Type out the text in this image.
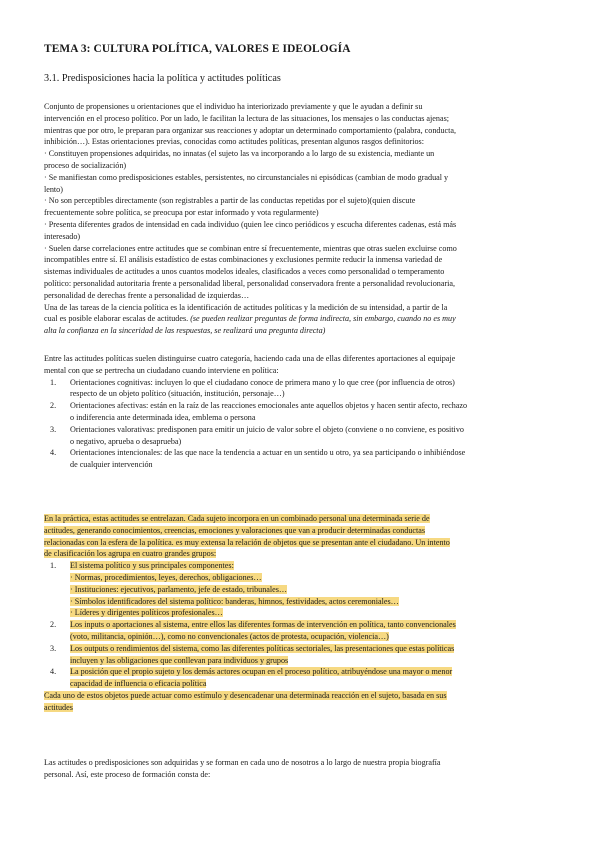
TEMA 3: CULTURA POLÍTICA, VALORES E IDEOLOGÍA
3.1. Predisposiciones hacia la política y actitudes políticas
Conjunto de propensiones u orientaciones que el individuo ha interiorizado previamente y que le ayudan a definir su
intervención en el proceso político. Por un lado, le facilitan la lectura de las situaciones, los mensajes o las conductas ajenas;
mientras que por otro, le preparan para organizar sus reacciones y adoptar un determinado comportamiento (palabra, conducta,
inhibición…). Estas orientaciones previas, conocidas como actitudes políticas, presentan algunos rasgos definitorios:
· Constituyen propensiones adquiridas, no innatas (el sujeto las va incorporando a lo largo de su existencia, mediante un
proceso de socialización)
· Se manifiestan como predisposiciones estables, persistentes, no circunstanciales ni episódicas (cambian de modo gradual y
lento)
· No son perceptibles directamente (son registrables a partir de las conductas repetidas por el sujeto)(quien discute
frecuentemente sobre política, se preocupa por estar informado y vota regularmente)
· Presenta diferentes grados de intensidad en cada individuo (quien lee cinco periódicos y escucha diferentes cadenas, está más
interesado)
· Suelen darse correlaciones entre actitudes que se combinan entre sí frecuentemente, mientras que otras suelen excluirse como
incompatibles entre sí. El análisis estadístico de estas combinaciones y exclusiones permite reducir la inmensa variedad de
sistemas individuales de actitudes a unos cuantos modelos ideales, clasificados a veces como personalidad o temperamento
político: personalidad autoritaria frente a personalidad liberal, personalidad conservadora frente a personalidad revolucionaria,
personalidad de derechas frente a personalidad de izquierdas…
Una de las tareas de la ciencia política es la identificación de actitudes políticas y la medición de su intensidad, a partir de la
cual es posible elaborar escalas de actitudes. (se pueden realizar preguntas de forma indirecta, sin embargo, cuando no es muy
alta la confianza en la sinceridad de las respuestas, se realizará una pregunta directa)
Entre las actitudes políticas suelen distinguirse cuatro categoría, haciendo cada una de ellas diferentes aportaciones al equipaje
mental con que se pertrecha un ciudadano cuando interviene en política:
1. Orientaciones cognitivas: incluyen lo que el ciudadano conoce de primera mano y lo que cree (por influencia de otros)
respecto de un objeto político (situación, institución, personaje…)
2. Orientaciones afectivas: están en la raíz de las reacciones emocionales ante aquellos objetos y hacen sentir afecto, rechazo
o indiferencia ante determinada idea, emblema o persona
3. Orientaciones valorativas: predisponen para emitir un juicio de valor sobre el objeto (conviene o no conviene, es positivo
o negativo, aprueba o desaprueba)
4. Orientaciones intencionales: de las que nace la tendencia a actuar en un sentido u otro, ya sea participando o inhibiéndose
de cualquier intervención
En la práctica, estas actitudes se entrelazan. Cada sujeto incorpora en un combinado personal una determinada serie de
actitudes, generando conocimientos, creencias, emociones y valoraciones que van a producir determinadas conductas
relacionadas con la esfera de la política. es muy extensa la relación de objetos que se presentan ante el ciudadano. Un intento
de clasificación los agrupa en cuatro grandes grupos:
1. El sistema político y sus principales componentes:
· Normas, procedimientos, leyes, derechos, obligaciones…
· Instituciones: ejecutivos, parlamento, jefe de estado, tribunales…
· Símbolos identificadores del sistema político: banderas, himnos, festividades, actos ceremoniales…
· Líderes y dirigentes políticos profesionales…
2. Los inputs o aportaciones al sistema, entre ellos las diferentes formas de intervención en política, tanto convencionales
(voto, militancia, opinión…), como no convencionales (actos de protesta, ocupación, violencia…)
3. Los outputs o rendimientos del sistema, como las diferentes políticas sectoriales, las presentaciones que estas políticas
incluyen y las obligaciones que conllevan para individuos y grupos
4. La posición que el propio sujeto y los demás actores ocupan en el proceso político, atribuyéndose una mayor o menor
capacidad de influencia o eficacia política
Cada uno de estos objetos puede actuar como estímulo y desencadenar una determinada reacción en el sujeto, basada en sus
actitudes
Las actitudes o predisposiciones son adquiridas y se forman en cada uno de nosotros a lo largo de nuestra propia biografía
personal. Así, este proceso de formación consta de:
